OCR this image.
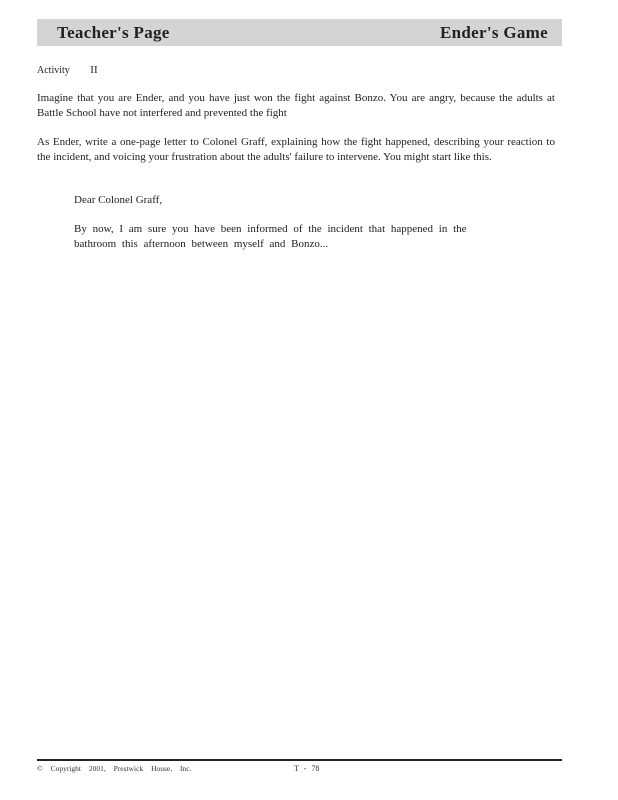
Teacher's Page	Ender's Game
Activity II

Imagine that you are Ender, and you have just won the fight against Bonzo. You are angry, because the adults at Battle School have not interfered and prevented the fight

As Ender, write a one-page letter to Colonel Graff, explaining how the fight happened, describing your reaction to the incident, and voicing your frustration about the adults' failure to intervene. You might start like this.

Dear Colonel Graff,

By now, I am sure you have been informed of the incident that happened in the bathroom this afternoon between myself and Bonzo...

© Copyright 2001, Prestwick House, Inc.	T - 78
